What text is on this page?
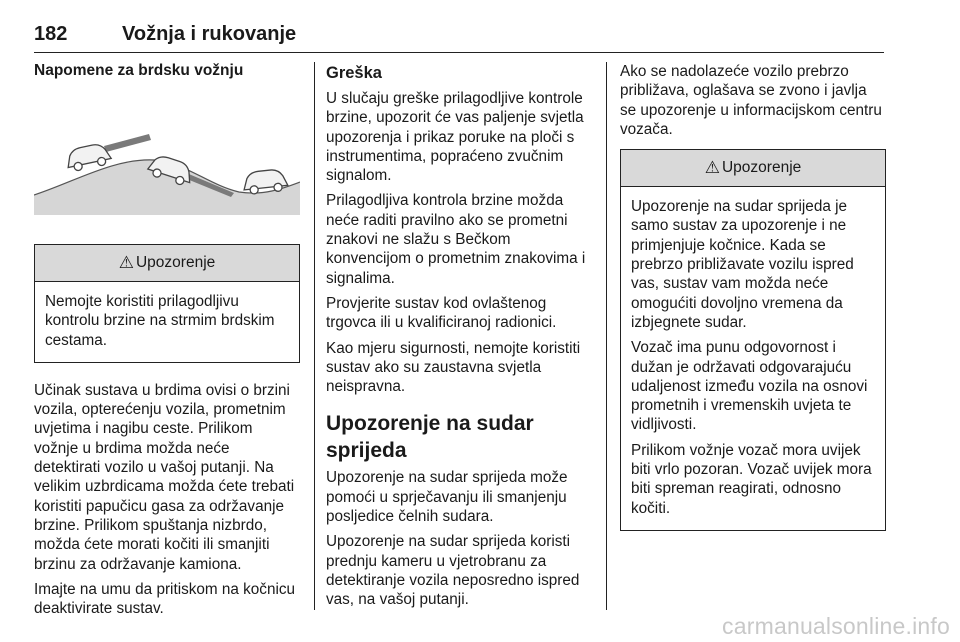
182	Vožnja i rukovanje
Napomene za brdsku vožnju
⚠ Upozorenje

Nemojte koristiti prilagodljivu kontrolu brzine na strmim brdskim cestama.

Učinak sustava u brdima ovisi o brzini vozila, opterećenju vozila, prometnim uvjetima i nagibu ceste. Prilikom vožnje u brdima možda neće detektirati vozilo u vašoj putanji. Na velikim uzbrdicama možda ćete trebati koristiti papučicu gasa za održavanje brzine. Prilikom spuštanja nizbrdo, možda ćete morati kočiti ili smanjiti brzinu za održavanje kamiona.

Imajte na umu da pritiskom na kočnicu deaktivirate sustav.

Greška

U slučaju greške prilagodljive kontrole brzine, upozorit će vas paljenje svjetla upozorenja i prikaz poruke na ploči s instrumentima, popraćeno zvučnim signalom.

Prilagodljiva kontrola brzine možda neće raditi pravilno ako se prometni znakovi ne slažu s Bečkom konvencijom o prometnim znakovima i signalima.

Provjerite sustav kod ovlaštenog trgovca ili u kvalificiranoj radionici.

Kao mjeru sigurnosti, nemojte koristiti sustav ako su zaustavna svjetla neispravna.

Upozorenje na sudar sprijeda

Upozorenje na sudar sprijeda može pomoći u sprječavanju ili smanjenju posljedice čelnih sudara.

Upozorenje na sudar sprijeda koristi prednju kameru u vjetrobranu za detektiranje vozila neposredno ispred vas, na vašoj putanji.

Ako se nadolazeće vozilo prebrzo približava, oglašava se zvono i javlja se upozorenje u informacijskom centru vozača.

⚠ Upozorenje

Upozorenje na sudar sprijeda je samo sustav za upozorenje i ne primjenjuje kočnice. Kada se prebrzo približavate vozilu ispred vas, sustav vam možda neće omogućiti dovoljno vremena da izbjegnete sudar.

Vozač ima punu odgovornost i dužan je održavati odgovarajuću udaljenost između vozila na osnovi prometnih i vremenskih uvjeta te vidljivosti.

Prilikom vožnje vozač mora uvijek biti vrlo pozoran. Vozač uvijek mora biti spreman reagirati, odnosno kočiti.

carmanualsonline.info
